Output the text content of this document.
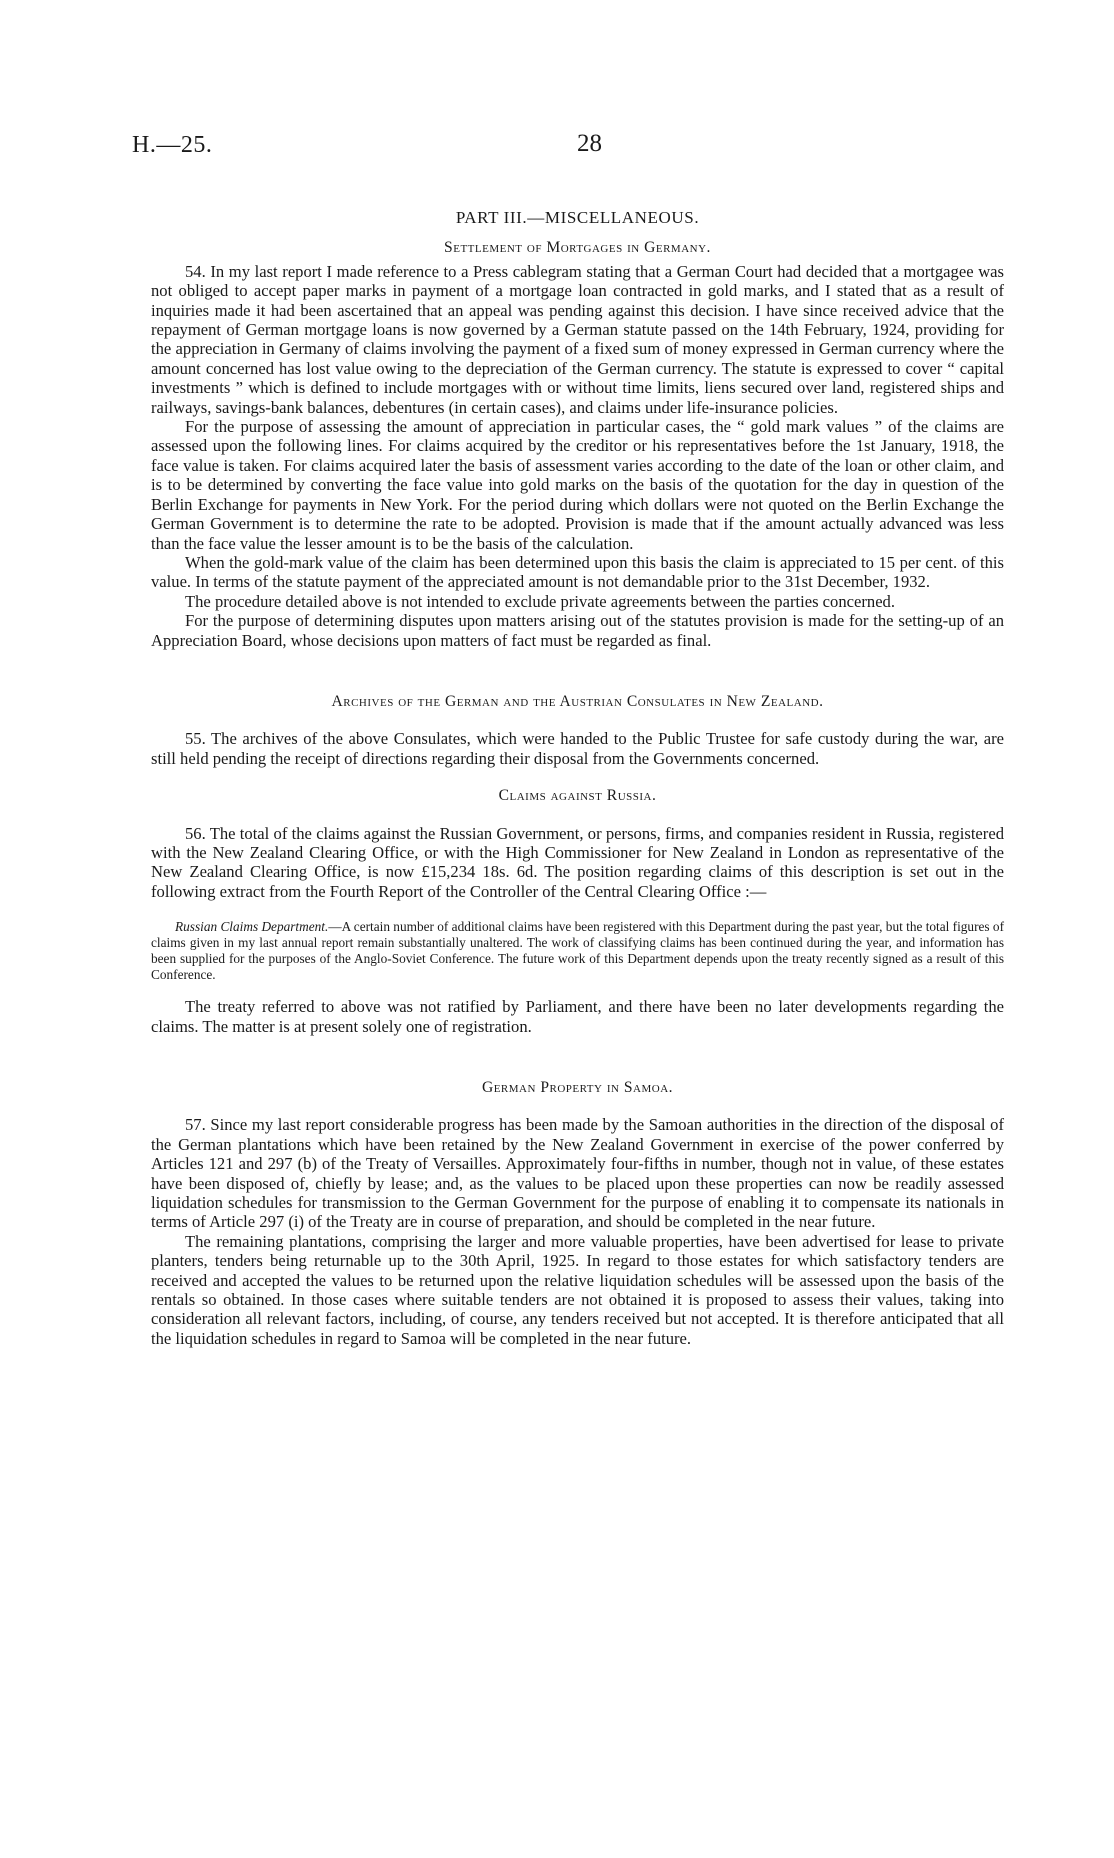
H.—25.	28
PART III.—MISCELLANEOUS.
Settlement of Mortgages in Germany.

54. In my last report I made reference to a Press cablegram stating that a German Court had decided that a mortgagee was not obliged to accept paper marks in payment of a mortgage loan contracted in gold marks, and I stated that as a result of inquiries made it had been ascertained that an appeal was pending against this decision. I have since received advice that the repayment of German mortgage loans is now governed by a German statute passed on the 14th February, 1924, providing for the appreciation in Germany of claims involving the payment of a fixed sum of money expressed in German currency where the amount concerned has lost value owing to the depreciation of the German currency. The statute is expressed to cover “ capital investments ” which is defined to include mortgages with or without time limits, liens secured over land, registered ships and railways, savings-bank balances, debentures (in certain cases), and claims under life-insurance policies.

For the purpose of assessing the amount of appreciation in particular cases, the “ gold mark values ” of the claims are assessed upon the following lines. For claims acquired by the creditor or his representatives before the 1st January, 1918, the face value is taken. For claims acquired later the basis of assessment varies according to the date of the loan or other claim, and is to be determined by converting the face value into gold marks on the basis of the quotation for the day in question of the Berlin Exchange for payments in New York. For the period during which dollars were not quoted on the Berlin Exchange the German Government is to determine the rate to be adopted. Provision is made that if the amount actually advanced was less than the face value the lesser amount is to be the basis of the calculation.

When the gold-mark value of the claim has been determined upon this basis the claim is appreciated to 15 per cent. of this value. In terms of the statute payment of the appreciated amount is not demandable prior to the 31st December, 1932.

The procedure detailed above is not intended to exclude private agreements between the parties concerned.

For the purpose of determining disputes upon matters arising out of the statutes provision is made for the setting-up of an Appreciation Board, whose decisions upon matters of fact must be regarded as final.

Archives of the German and the Austrian Consulates in New Zealand.

55. The archives of the above Consulates, which were handed to the Public Trustee for safe custody during the war, are still held pending the receipt of directions regarding their disposal from the Governments concerned.

Claims against Russia.

56. The total of the claims against the Russian Government, or persons, firms, and companies resident in Russia, registered with the New Zealand Clearing Office, or with the High Commissioner for New Zealand in London as representative of the New Zealand Clearing Office, is now £15,234 18s. 6d. The position regarding claims of this description is set out in the following extract from the Fourth Report of the Controller of the Central Clearing Office :—

Russian Claims Department.—A certain number of additional claims have been registered with this Department during the past year, but the total figures of claims given in my last annual report remain substantially unaltered. The work of classifying claims has been continued during the year, and information has been supplied for the purposes of the Anglo-Soviet Conference. The future work of this Department depends upon the treaty recently signed as a result of this Conference.

The treaty referred to above was not ratified by Parliament, and there have been no later developments regarding the claims. The matter is at present solely one of registration.

German Property in Samoa.

57. Since my last report considerable progress has been made by the Samoan authorities in the direction of the disposal of the German plantations which have been retained by the New Zealand Government in exercise of the power conferred by Articles 121 and 297 (b) of the Treaty of Versailles. Approximately four-fifths in number, though not in value, of these estates have been disposed of, chiefly by lease; and, as the values to be placed upon these properties can now be readily assessed liquidation schedules for transmission to the German Government for the purpose of enabling it to compensate its nationals in terms of Article 297 (i) of the Treaty are in course of preparation, and should be completed in the near future.

The remaining plantations, comprising the larger and more valuable properties, have been advertised for lease to private planters, tenders being returnable up to the 30th April, 1925. In regard to those estates for which satisfactory tenders are received and accepted the values to be returned upon the relative liquidation schedules will be assessed upon the basis of the rentals so obtained. In those cases where suitable tenders are not obtained it is proposed to assess their values, taking into consideration all relevant factors, including, of course, any tenders received but not accepted. It is therefore anticipated that all the liquidation schedules in regard to Samoa will be completed in the near future.
